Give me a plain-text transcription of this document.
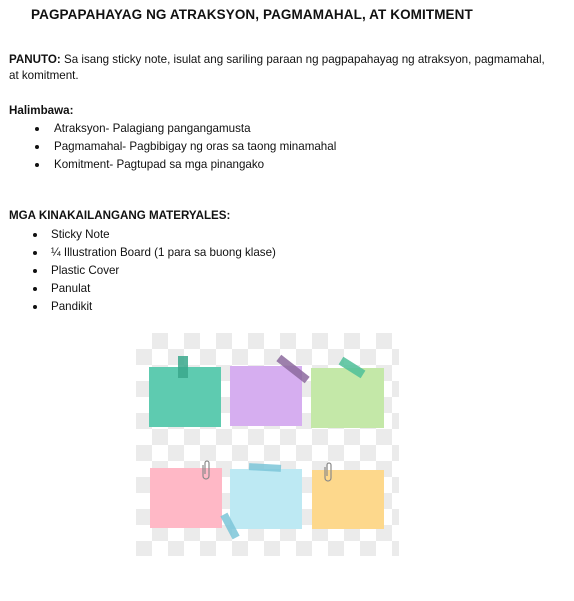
PAGPAPAHAYAG NG ATRAKSYON, PAGMAMAHAL, AT KOMITMENT
PANUTO: Sa isang sticky note, isulat ang sariling paraan ng pagpapahayag ng atraksyon, pagmamahal, at komitment.
Halimbawa:
Atraksyon- Palagiang pangangamusta
Pagmamahal- Pagbibigay ng oras sa taong minamahal
Komitment- Pagtupad sa mga pinangako
MGA KINAKAILANGANG MATERYALES:
Sticky Note
¼ Illustration Board (1 para sa buong klase)
Plastic Cover
Panulat
Pandikit
